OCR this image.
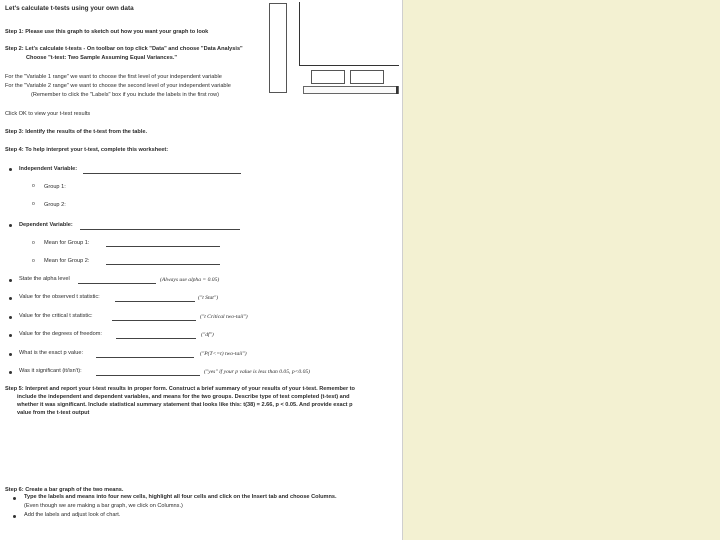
Let's calculate t-tests using your own data
Step 1: Please use this graph to sketch out how you want your graph to look
Step 2: Let's calculate t-tests - On toolbar on top click "Data" and choose "Data Analysis"
Choose "t-test: Two Sample Assuming Equal Variances."
For the "Variable 1 range" we want to choose the first level of your independent variable
For the "Variable 2 range" we want to choose the second level of your independent variable
(Remember to click the "Labels" box if you include the labels in the first row)
Click OK to view your t-test results
Step 3: Identify the results of the t-test from the table.
Step 4: To help interpret your t-test, complete this worksheet:
Independent Variable:
o Group 1:
o Group 2:
Dependent Variable:
o Mean for Group 1:
o Mean for Group 2:
State the alpha level	(Always use alpha = 0.05)
Value for the observed t statistic:	("t Stat")
Value for the critical t statistic:	("t Critical two-tail")
Value for the degrees of freedom:	("df")
What is the exact p value:	("P(T<=t) two-tail")
Was it significant (it/isn't):	("yes" if your p value is less than 0.05, p<0.05)
Step 5: Interpret and report your t-test results in proper form. Construct a brief summary of your results of your t-test. Remember to
include the independent and dependent variables, and means for the two groups. Describe type of test completed (t-test) and
whether it was significant. Include statistical summary statement that looks like this: t(38) = 2.66, p < 0.05. And provide exact p
value from the t-test output
Step 6: Create a bar graph of the two means.
Type the labels and means into four new cells, highlight all four cells and click on the Insert tab and choose Columns.
(Even though we are making a bar graph, we click on Columns.)
Add the labels and adjust look of chart.
